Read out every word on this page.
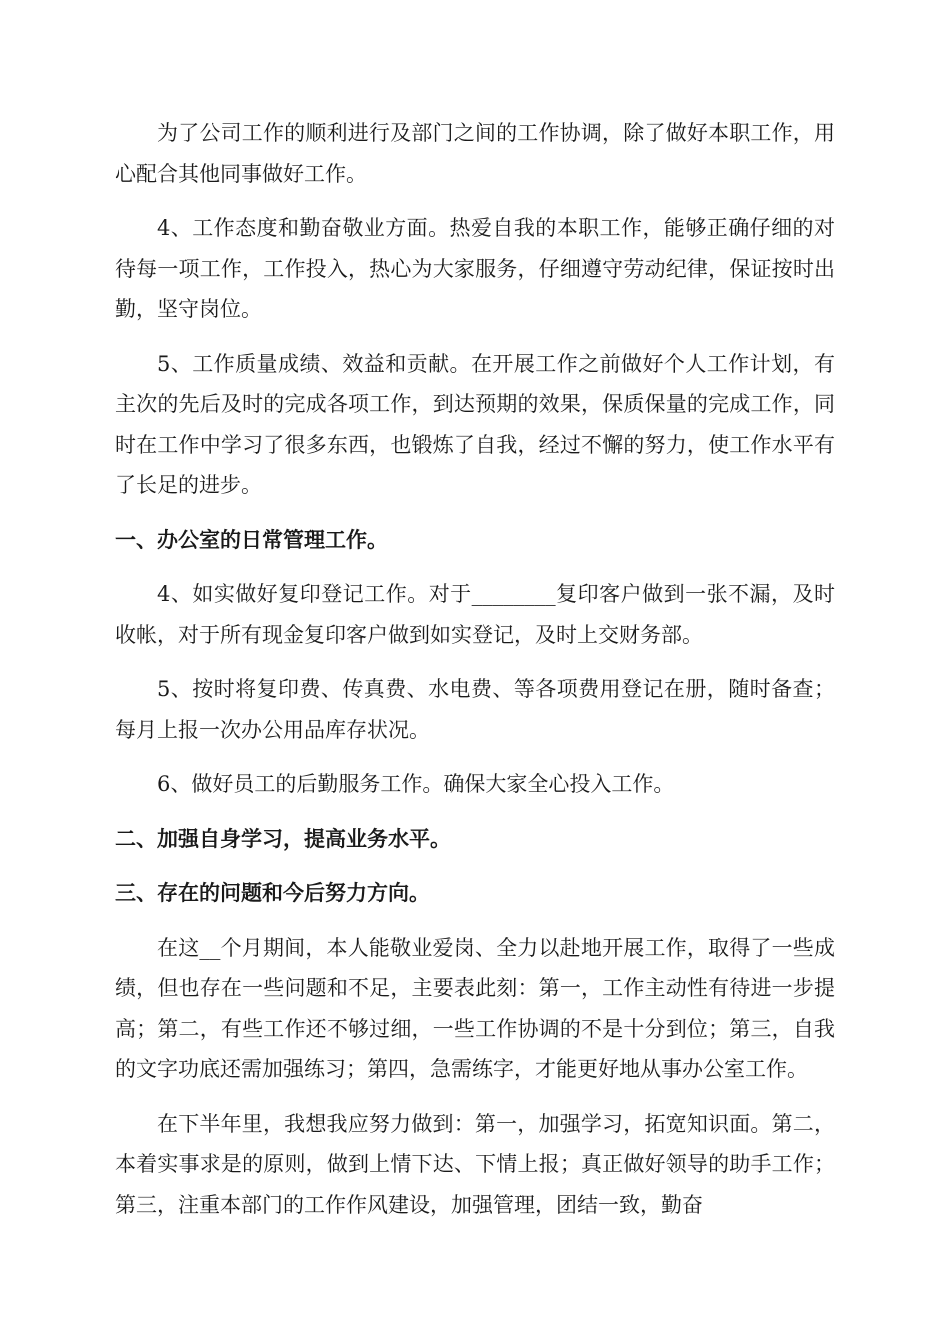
为了公司工作的顺利进行及部门之间的工作协调，除了做好本职工作，用心配合其他同事做好工作。

4、工作态度和勤奋敬业方面。热爱自我的本职工作，能够正确仔细的对待每一项工作，工作投入，热心为大家服务，仔细遵守劳动纪律，保证按时出勤，坚守岗位。

5、工作质量成绩、效益和贡献。在开展工作之前做好个人工作计划，有主次的先后及时的完成各项工作，到达预期的效果，保质保量的完成工作，同时在工作中学习了很多东西，也锻炼了自我，经过不懈的努力，使工作水平有了长足的进步。

一、办公室的日常管理工作。

4、如实做好复印登记工作。对于________复印客户做到一张不漏，及时收帐，对于所有现金复印客户做到如实登记，及时上交财务部。

5、按时将复印费、传真费、水电费、等各项费用登记在册，随时备查；每月上报一次办公用品库存状况。

6、做好员工的后勤服务工作。确保大家全心投入工作。

二、加强自身学习，提高业务水平。
三、存在的问题和今后努力方向。

在这__个月期间，本人能敬业爱岗、全力以赴地开展工作，取得了一些成绩，但也存在一些问题和不足，主要表此刻：第一，工作主动性有待进一步提高；第二，有些工作还不够过细，一些工作协调的不是十分到位；第三，自我的文字功底还需加强练习；第四，急需练字，才能更好地从事办公室工作。

在下半年里，我想我应努力做到：第一，加强学习，拓宽知识面。第二，本着实事求是的原则，做到上情下达、下情上报；真正做好领导的助手工作；第三，注重本部门的工作作风建设，加强管理，团结一致，勤奋
